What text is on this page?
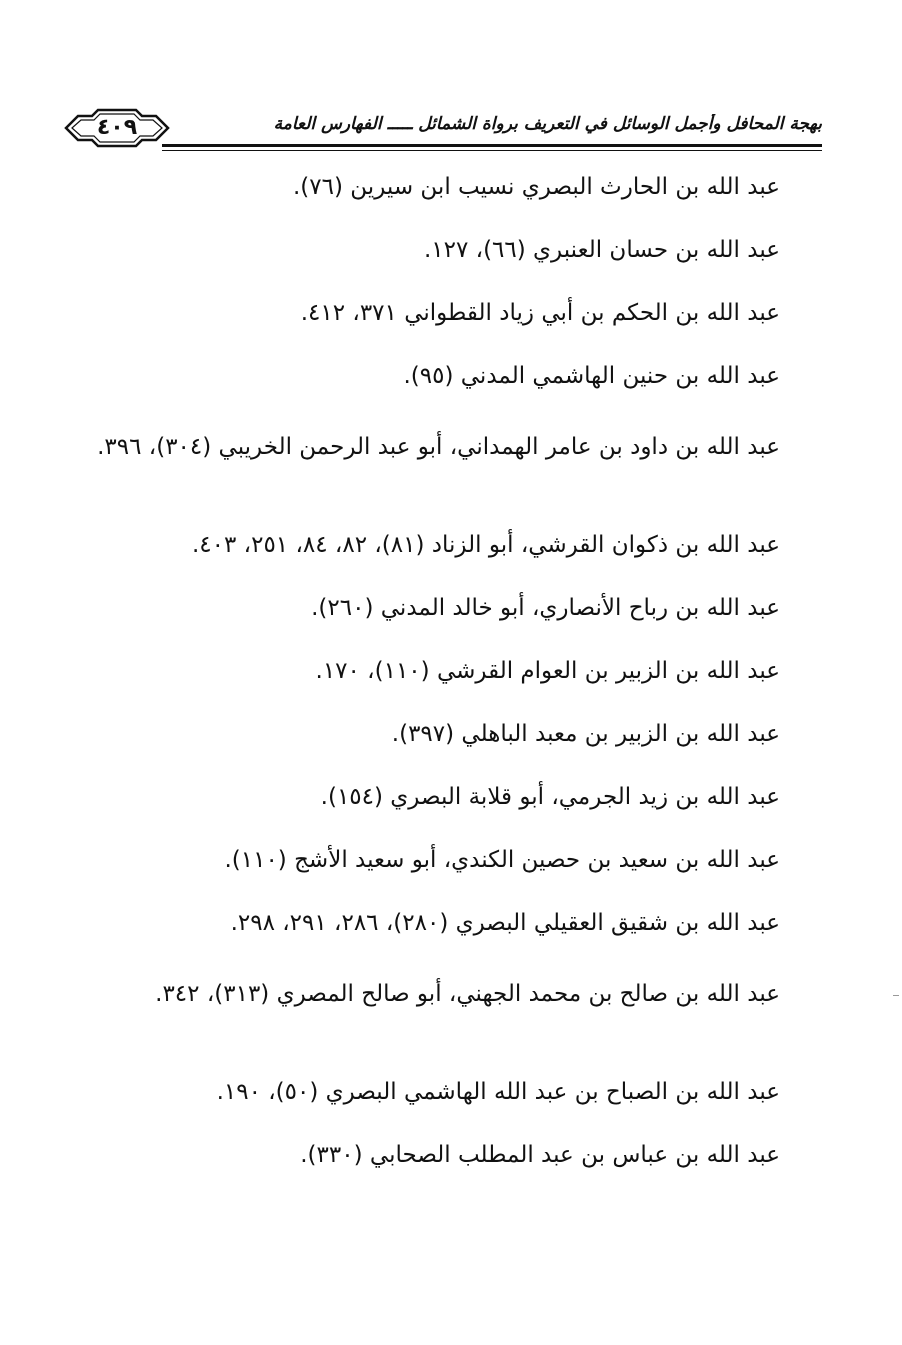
٤٠٩	بهجة المحافل وأجمل الوسائل في التعريف برواة الشمائل ـــــ الفهارس العامة

عبد الله بن الحارث البصري نسيب ابن سيرين (٧٦).

عبد الله بن حسان العنبري (٦٦)، ١٢٧.

عبد الله بن الحكم بن أبي زياد القطواني ٣٧١، ٤١٢.

عبد الله بن حنين الهاشمي المدني (٩٥).

عبد الله بن داود بن عامر الهمداني، أبو عبد الرحمن الخريبي (٣٠٤)، ٣٩٦.

عبد الله بن ذكوان القرشي، أبو الزناد (٨١)، ٨٢، ٨٤، ٢٥١، ٤٠٣.

عبد الله بن رباح الأنصاري، أبو خالد المدني (٢٦٠).

عبد الله بن الزبير بن العوام القرشي (١١٠)، ١٧٠.

عبد الله بن الزبير بن معبد الباهلي (٣٩٧).

عبد الله بن زيد الجرمي، أبو قلابة البصري (١٥٤).

عبد الله بن سعيد بن حصين الكندي، أبو سعيد الأشج (١١٠).

عبد الله بن شقيق العقيلي البصري (٢٨٠)، ٢٨٦، ٢٩١، ٢٩٨.

عبد الله بن صالح بن محمد الجهني، أبو صالح المصري (٣١٣)، ٣٤٢.

عبد الله بن الصباح بن عبد الله الهاشمي البصري (٥٠)، ١٩٠.

عبد الله بن عباس بن عبد المطلب الصحابي (٣٣٠).
